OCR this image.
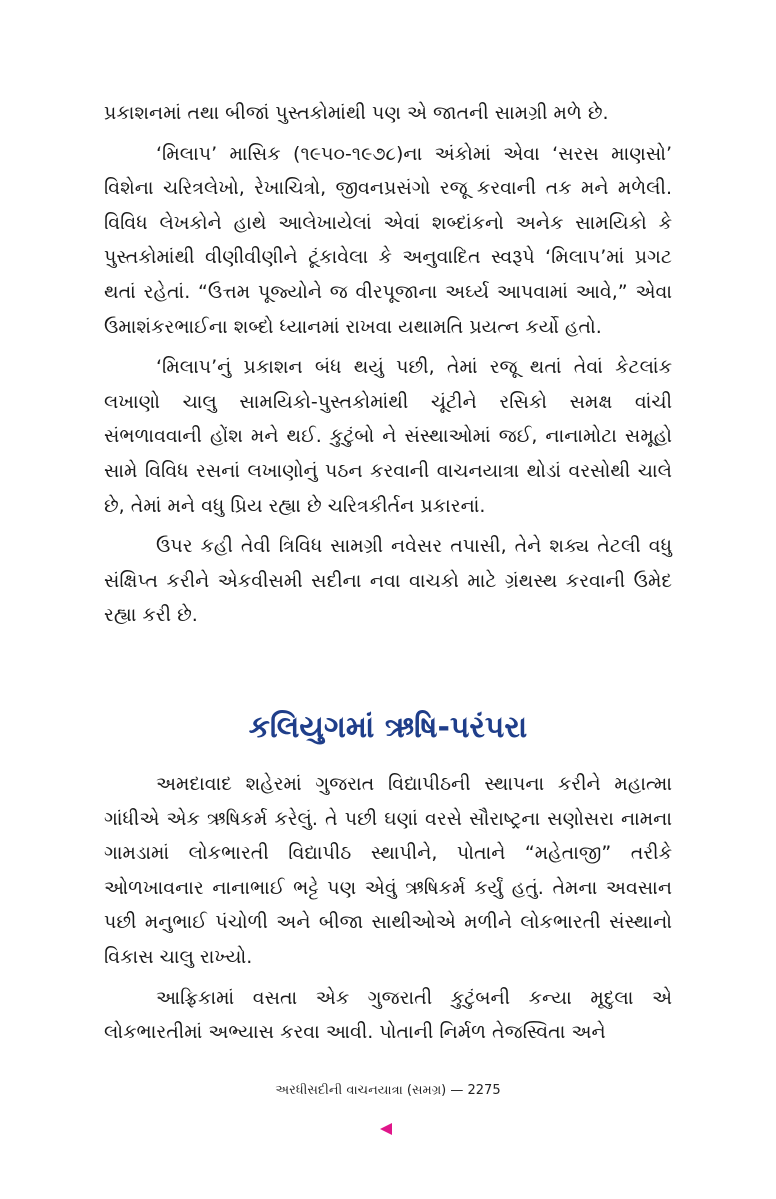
પ્રકાશનમાં તથા બીજાં પુસ્તકોમાંથી પણ એ જાતની સામગ્રી મળે છે.

‘મિલાપ’ માસિક (૧૯૫૦-૧૯૭૮)ના અંકોમાં એવા ‘સરસ માણસો’ વિશેના ચરિત્રલેખો, રેખાચિત્રો, જીવનપ્રસંગો રજૂ કરવાની તક મને મળેલી. વિવિધ લેખકોને હાથે આલેખાયેલાં એવાં શબ્દાંકનો અનેક સામયિકો કે પુસ્તકોમાંથી વીણીવીણીને ટૂંકાવેલા કે અનુવાદિત સ્વરૂપે ‘મિલાપ’માં પ્રગટ થતાં રહેતાં. “ઉત્તમ પૂજ્યોને જ વીરપૂજાના અર્ઘ્ય આપવામાં આવે,” એવા ઉમાશંકરભાઈના શબ્દો ધ્યાનમાં રાખવા યથામતિ પ્રયત્ન કર્યો હતો.

‘મિલાપ’નું પ્રકાશન બંધ થયું પછી, તેમાં રજૂ થતાં તેવાં કેટલાંક લખાણો ચાલુ સામયિકો-પુસ્તકોમાંથી ચૂંટીને રસિકો સમક્ષ વાંચી સંભળાવવાની હોંશ મને થઈ. કુટુંબો ને સંસ્થાઓમાં જઈ, નાનામોટા સમૂહો સામે વિવિધ રસનાં લખાણોનું પઠન કરવાની વાચનયાત્રા થોડાં વરસોથી ચાલે છે, તેમાં મને વધુ પ્રિય રહ્યા છે ચરિત્રકીર્તન પ્રકારનાં.

ઉપર કહી તેવી ત્રિવિધ સામગ્રી નવેસર તપાસી, તેને શક્ય તેટલી વધુ સંક્ષિપ્ત કરીને એકવીસમી સદીના નવા વાચકો માટે ગ્રંથસ્થ કરવાની ઉમેદ રહ્યા કરી છે.

કલિયુગમાં ઋષિ-પરંપરા

અમદાવાદ શહેરમાં ગુજરાત વિદ્યાપીઠની સ્થાપના કરીને મહાત્મા ગાંધીએ એક ઋષિકર્મ કરેલું. તે પછી ઘણાં વરસે સૌરાષ્ટ્રના સણોસરા નામના ગામડામાં લોકભારતી વિદ્યાપીઠ સ્થાપીને, પોતાને “મહેતાજી” તરીકે ઓળખાવનાર નાનાભાઈ ભટ્ટે પણ એવું ઋષિકર્મ કર્યું હતું. તેમના અવસાન પછી મનુભાઈ પંચોળી અને બીજા સાથીઓએ મળીને લોકભારતી સંસ્થાનો વિકાસ ચાલુ રાખ્યો.

આફ્રિકામાં વસતા એક ગુજરાતી કુટુંબની કન્યા મૃદુલા એ લોકભારતીમાં અભ્યાસ કરવા આવી. પોતાની નિર્મળ તેજસ્વિતા અને

અરધીસદીની વાચનયાત્રા (સમગ્ર) — 2275
